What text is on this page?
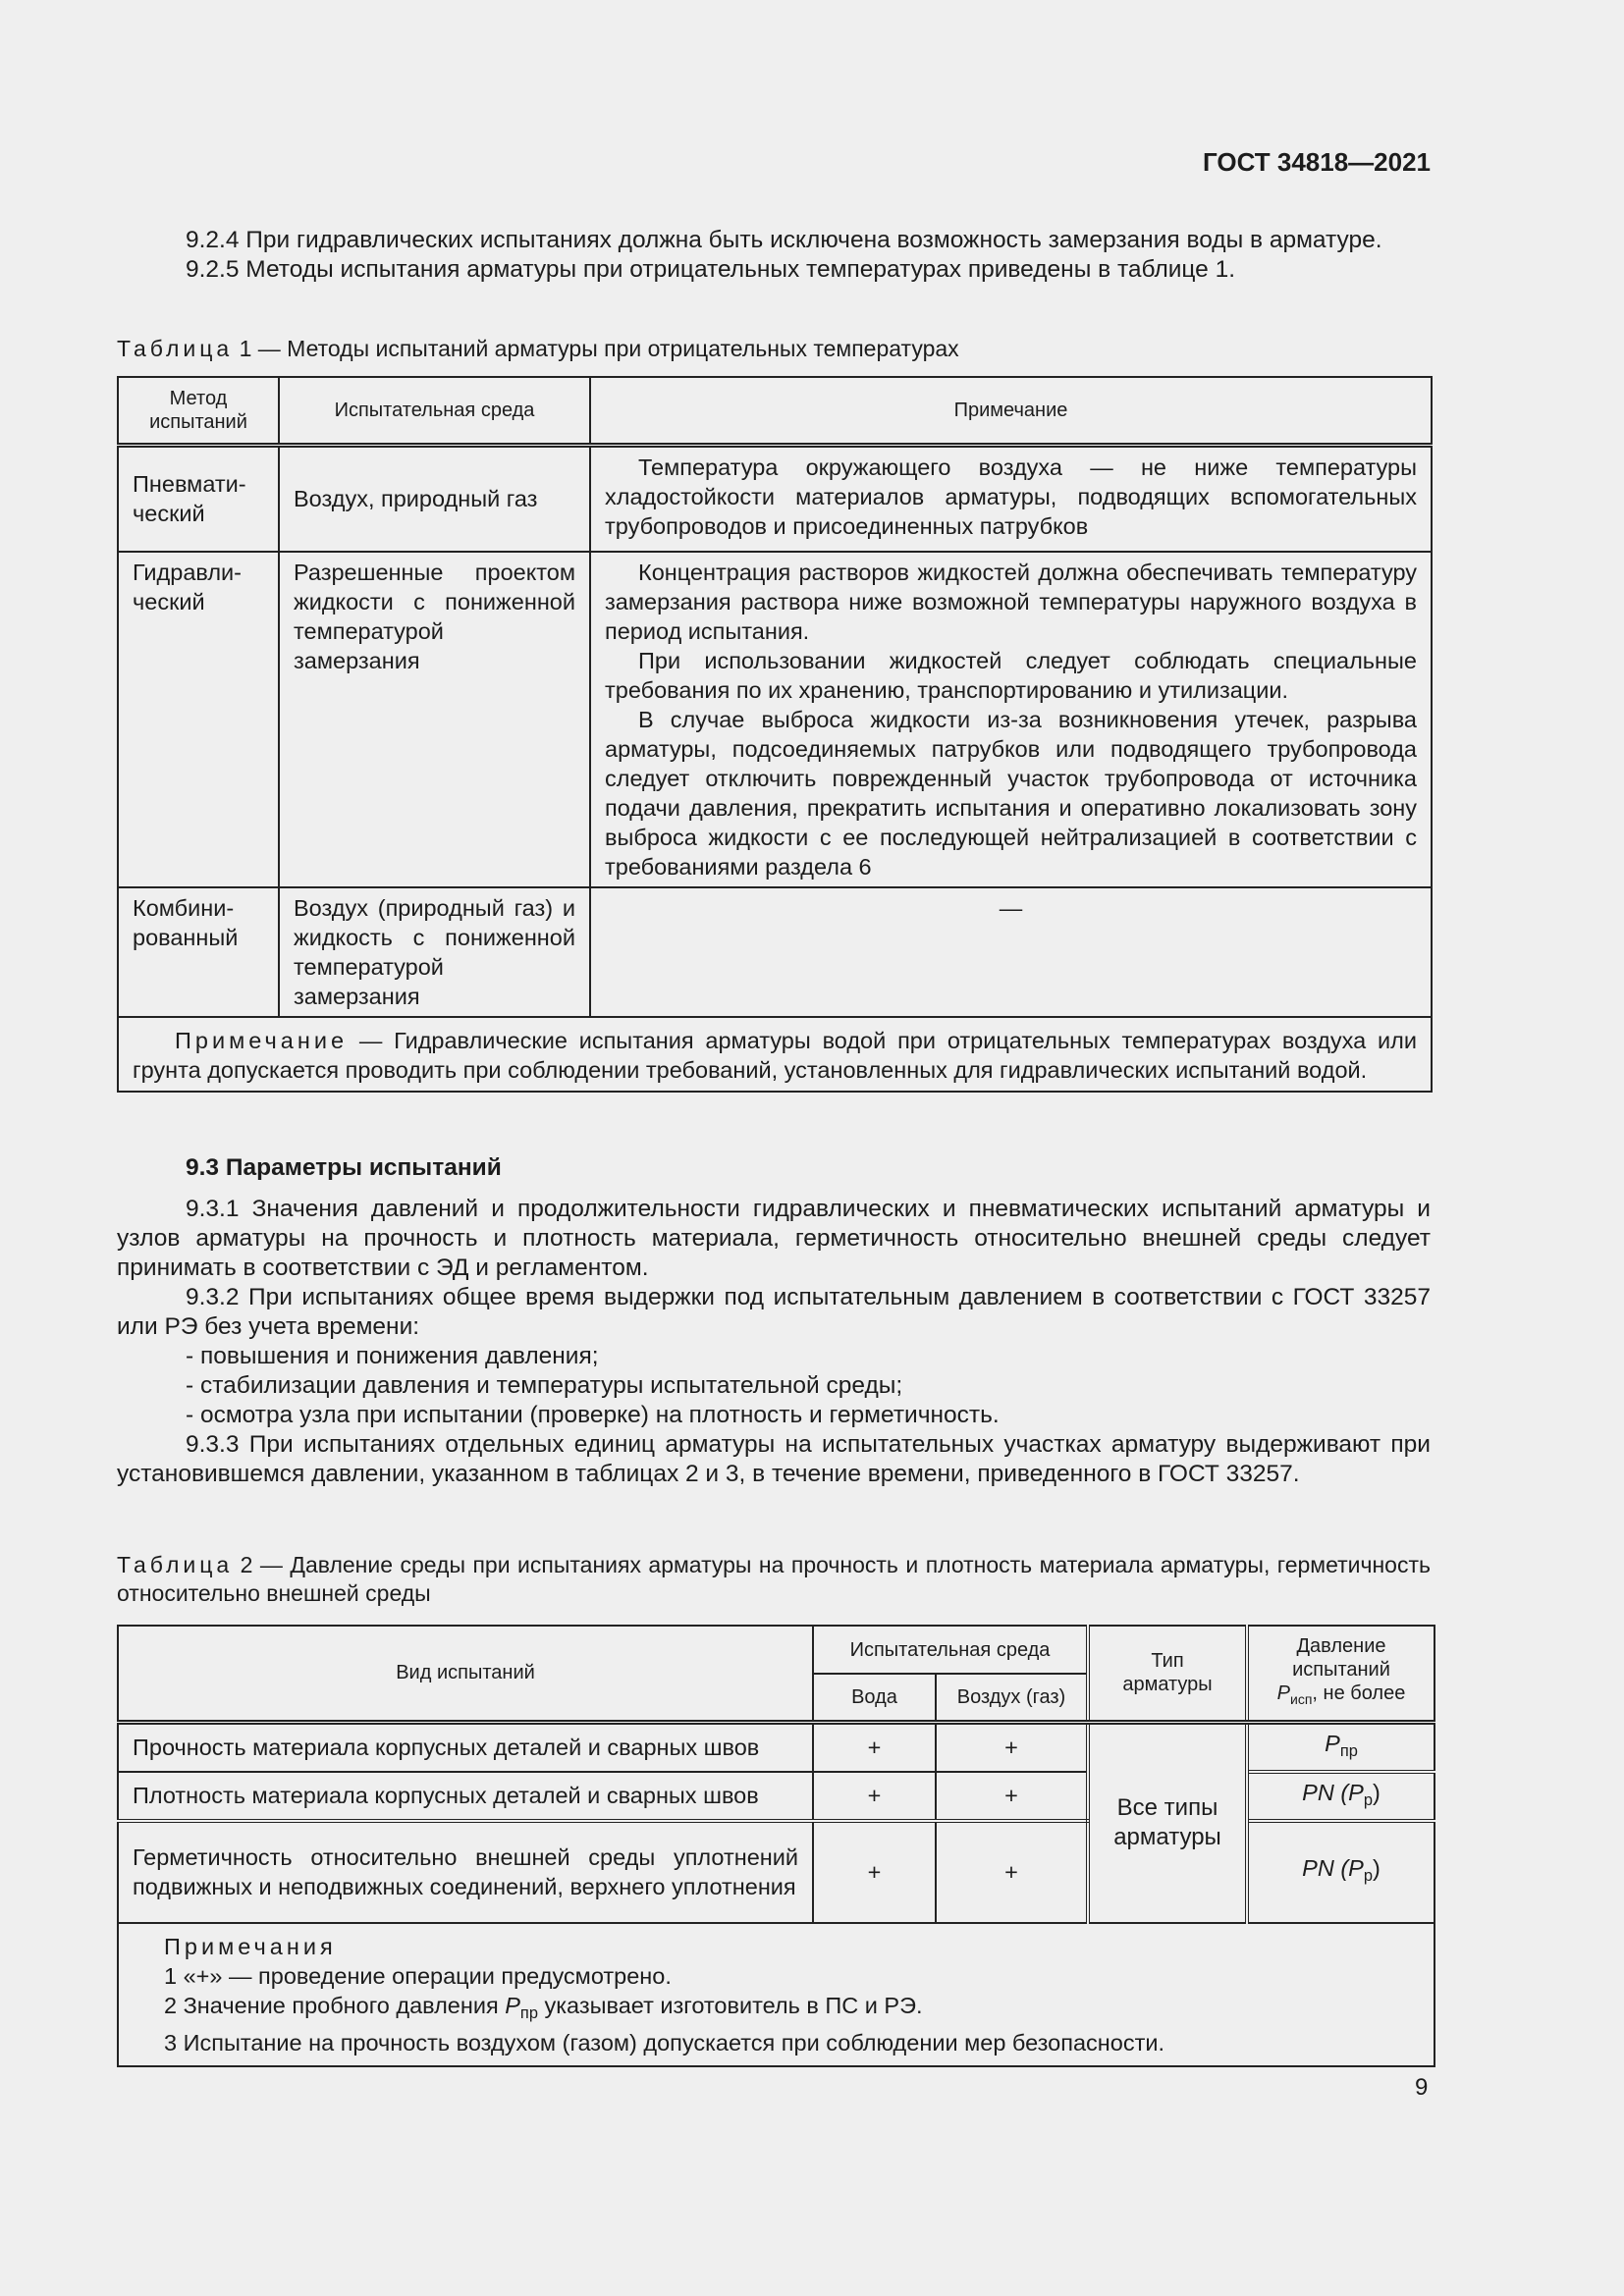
ГОСТ 34818—2021

9.2.4 При гидравлических испытаниях должна быть исключена возможность замерзания воды в арматуре.

9.2.5 Методы испытания арматуры при отрицательных температурах приведены в таблице 1.

Таблица 1 — Методы испытаний арматуры при отрицательных температурах

Метод испытаний	Испытательная среда	Примечание
Пневмати-ческий	Воздух, природный газ	Температура окружающего воздуха — не ниже температуры хладостойкости материалов арматуры, подводящих вспомогательных трубопроводов и присоединенных патрубков

Гидравли-ческий	Разрешенные проектом жидкости с пониженной температурой замерзания	Концентрация растворов жидкостей должна обеспечивать температуру замерзания раствора ниже возможной температуры наружного воздуха в период испытания.

При использовании жидкостей следует соблюдать специальные требования по их хранению, транспортированию и утилизации.

В случае выброса жидкости из-за возникновения утечек, разрыва арматуры, подсоединяемых патрубков или подводящего трубопровода следует отключить поврежденный участок трубопровода от источника подачи давления, прекратить испытания и оперативно локализовать зону выброса жидкости с ее последующей нейтрализацией в соответствии с требованиями раздела 6

Комбини-рованный	Воздух (природный газ) и жидкость с пониженной температурой замерзания	—

Примечание — Гидравлические испытания арматуры водой при отрицательных температурах воздуха или грунта допускается проводить при соблюдении требований, установленных для гидравлических испытаний водой.		

9.3 Параметры испытаний

9.3.1 Значения давлений и продолжительности гидравлических и пневматических испытаний арматуры и узлов арматуры на прочность и плотность материала, герметичность относительно внешней среды следует принимать в соответствии с ЭД и регламентом.

9.3.2 При испытаниях общее время выдержки под испытательным давлением в соответствии с ГОСТ 33257 или РЭ без учета времени:

- повышения и понижения давления;

- стабилизации давления и температуры испытательной среды;

- осмотра узла при испытании (проверке) на плотность и герметичность.

9.3.3 При испытаниях отдельных единиц арматуры на испытательных участках арматуру выдерживают при установившемся давлении, указанном в таблицах 2 и 3, в течение времени, приведенного в ГОСТ 33257.

Таблица 2 — Давление среды при испытаниях арматуры на прочность и плотность материала арматуры, герметичность относительно внешней среды

Вид испытаний	Испытательная среда		Тип арматуры	Давление испытаний
$P_{исп}$, не более
	Вода	Воздух (газ)		
Прочность материала корпусных деталей и сварных швов	+	+	Все типы арматуры	$P_{пр}$
Плотность материала корпусных деталей и сварных швов	+	+		PN $(P_р)$
Герметичность относительно внешней среды уплотнений подвижных и неподвижных соединений, верхнего уплотнения	+	+		PN $(P_р)$

Примечания

1 «+» — проведение операции предусмотрено.

2 Значение пробного давления $P_{пр}$ указывает изготовитель в ПС и РЭ.

3 Испытание на прочность воздухом (газом) допускается при соблюдении мер безопасности.				

9
